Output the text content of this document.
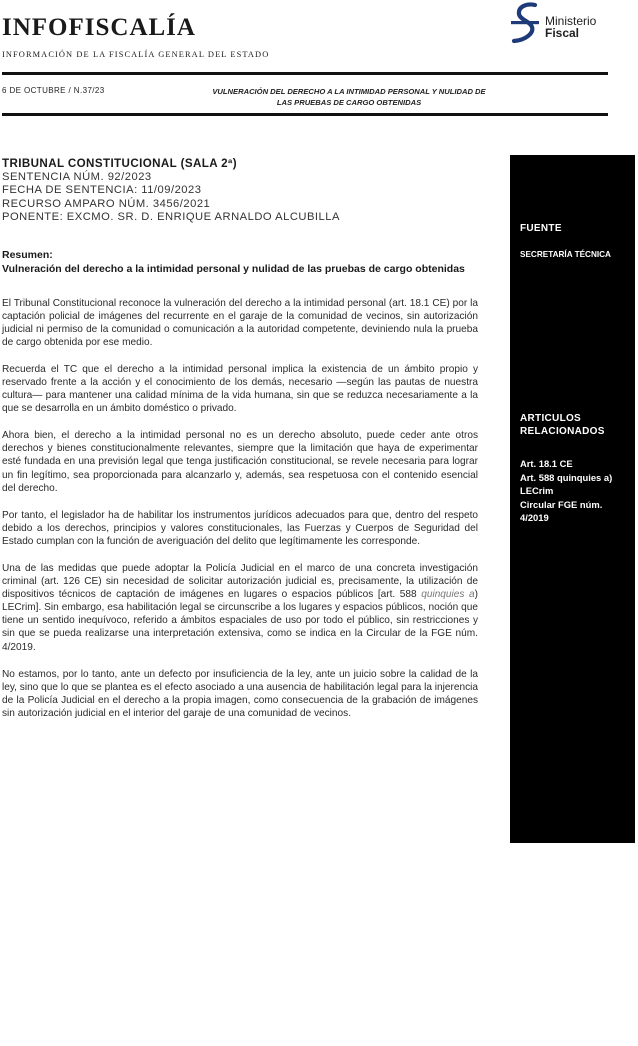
INFOFISCALÍA
INFORMACIÓN DE LA FISCALÍA GENERAL DEL ESTADO
Ministerio
Fiscal
6 DE OCTUBRE / N.37/23	VULNERACIÓN DEL DERECHO A LA INTIMIDAD PERSONAL Y NULIDAD DE LAS PRUEBAS DE CARGO OBTENIDAS
TRIBUNAL CONSTITUCIONAL (SALA 2ª)
SENTENCIA NÚM. 92/2023
FECHA DE SENTENCIA: 11/09/2023
RECURSO AMPARO NÚM. 3456/2021
PONENTE: EXCMO. SR. D. ENRIQUE ARNALDO ALCUBILLA
Resumen:
Vulneración del derecho a la intimidad personal y nulidad de las pruebas de cargo obtenidas

El Tribunal Constitucional reconoce la vulneración del derecho a la intimidad personal (art. 18.1 CE) por la captación policial de imágenes del recurrente en el garaje de la comunidad de vecinos, sin autorización judicial ni permiso de la comunidad o comunicación a la autoridad competente, deviniendo nula la prueba de cargo obtenida por ese medio.

Recuerda el TC que el derecho a la intimidad personal implica la existencia de un ámbito propio y reservado frente a la acción y el conocimiento de los demás, necesario —según las pautas de nuestra cultura— para mantener una calidad mínima de la vida humana, sin que se reduzca necesariamente a la que se desarrolla en un ámbito doméstico o privado.

Ahora bien, el derecho a la intimidad personal no es un derecho absoluto, puede ceder ante otros derechos y bienes constitucionalmente relevantes, siempre que la limitación que haya de experimentar esté fundada en una previsión legal que tenga justificación constitucional, se revele necesaria para lograr un fin legítimo, sea proporcionada para alcanzarlo y, además, sea respetuosa con el contenido esencial del derecho.

Por tanto, el legislador ha de habilitar los instrumentos jurídicos adecuados para que, dentro del respeto debido a los derechos, principios y valores constitucionales, las Fuerzas y Cuerpos de Seguridad del Estado cumplan con la función de averiguación del delito que legítimamente les corresponde.

Una de las medidas que puede adoptar la Policía Judicial en el marco de una concreta investigación criminal (art. 126 CE) sin necesidad de solicitar autorización judicial es, precisamente, la utilización de dispositivos técnicos de captación de imágenes en lugares o espacios públicos [art. 588 quinquies a) LECrim]. Sin embargo, esa habilitación legal se circunscribe a los lugares y espacios públicos, noción que tiene un sentido inequívoco, referido a ámbitos espaciales de uso por todo el público, sin restricciones y sin que se pueda realizarse una interpretación extensiva, como se indica en la Circular de la FGE núm. 4/2019.

No estamos, por lo tanto, ante un defecto por insuficiencia de la ley, ante un juicio sobre la calidad de la ley, sino que lo que se plantea es el efecto asociado a una ausencia de habilitación legal para la injerencia de la Policía Judicial en el derecho a la propia imagen, como consecuencia de la grabación de imágenes sin autorización judicial en el interior del garaje de una comunidad de vecinos.

FUENTE
SECRETARÍA TÉCNICA
ARTICULOS RELACIONADOS
Art. 18.1 CE
Art. 588 quinquies a) LECrim
Circular FGE núm. 4/2019
